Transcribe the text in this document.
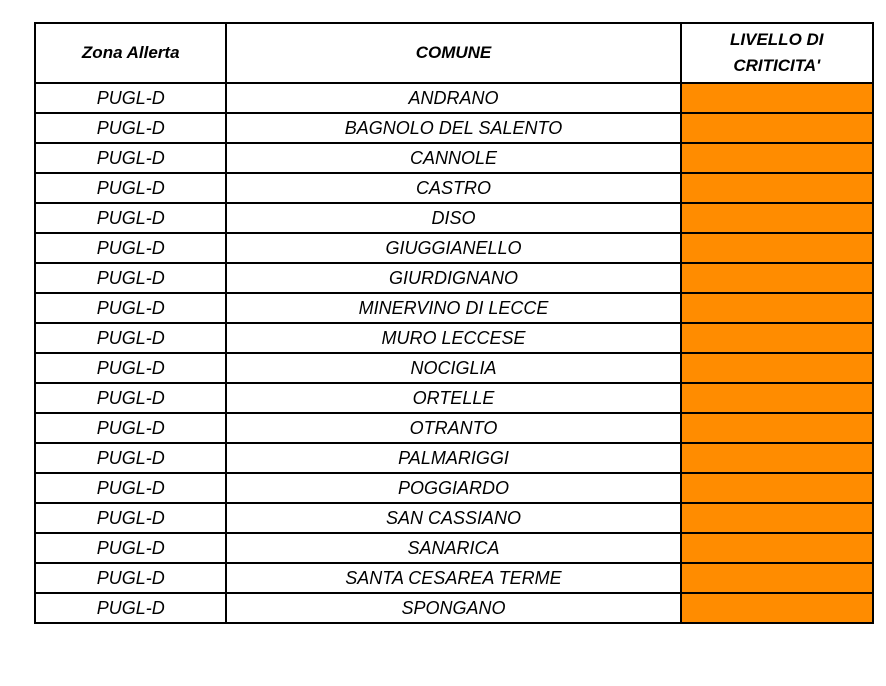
Zona Allerta	COMUNE	LIVELLO DI
CRITICITA'
PUGL-D	ANDRANO	
PUGL-D	BAGNOLO DEL SALENTO	
PUGL-D	CANNOLE	
PUGL-D	CASTRO	
PUGL-D	DISO	
PUGL-D	GIUGGIANELLO	
PUGL-D	GIURDIGNANO	
PUGL-D	MINERVINO DI LECCE	
PUGL-D	MURO LECCESE	
PUGL-D	NOCIGLIA	
PUGL-D	ORTELLE	
PUGL-D	OTRANTO	
PUGL-D	PALMARIGGI	
PUGL-D	POGGIARDO	
PUGL-D	SAN CASSIANO	
PUGL-D	SANARICA	
PUGL-D	SANTA CESAREA TERME	
PUGL-D	SPONGANO	
